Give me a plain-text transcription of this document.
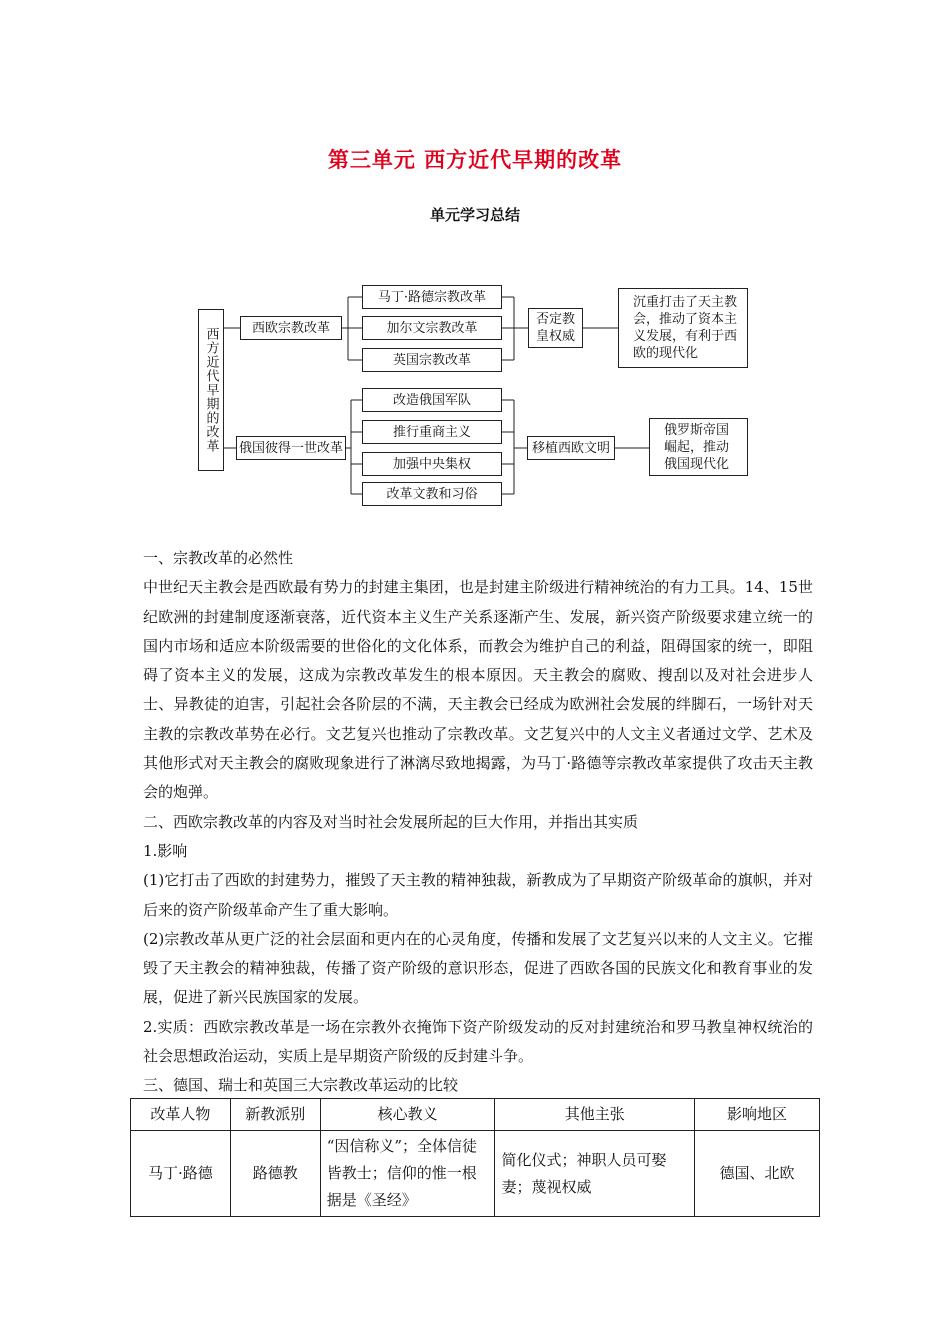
第三单元 西方近代早期的改革
单元学习总结
西方近代早期的改革	西欧宗教改革
马丁·路德宗教改革
加尔文宗教改革
英国宗教改革
否定教皇权威
沉重打击了天主教会，推动了资本主义发展，有利于西欧的现代化
俄国彼得一世改革
改造俄国军队
推行重商主义
加强中央集权
改革文教和习俗
移植西欧文明
俄罗斯帝国崛起，推动俄国现代化

一、宗教改革的必然性

中世纪天主教会是西欧最有势力的封建主集团，也是封建主阶级进行精神统治的有力工具。14、15世纪欧洲的封建制度逐渐衰落，近代资本主义生产关系逐渐产生、发展，新兴资产阶级要求建立统一的国内市场和适应本阶级需要的世俗化的文化体系，而教会为维护自己的利益，阻碍国家的统一，即阻碍了资本主义的发展，这成为宗教改革发生的根本原因。天主教会的腐败、搜刮以及对社会进步人士、异教徒的迫害，引起社会各阶层的不满，天主教会已经成为欧洲社会发展的绊脚石，一场针对天主教的宗教改革势在必行。文艺复兴也推动了宗教改革。文艺复兴中的人文主义者通过文学、艺术及其他形式对天主教会的腐败现象进行了淋漓尽致地揭露，为马丁·路德等宗教改革家提供了攻击天主教会的炮弹。

二、西欧宗教改革的内容及对当时社会发展所起的巨大作用，并指出其实质

1.影响

(1)它打击了西欧的封建势力，摧毁了天主教的精神独裁，新教成为了早期资产阶级革命的旗帜，并对后来的资产阶级革命产生了重大影响。

(2)宗教改革从更广泛的社会层面和更内在的心灵角度，传播和发展了文艺复兴以来的人文主义。它摧毁了天主教会的精神独裁，传播了资产阶级的意识形态，促进了西欧各国的民族文化和教育事业的发展，促进了新兴民族国家的发展。

2.实质：西欧宗教改革是一场在宗教外衣掩饰下资产阶级发动的反对封建统治和罗马教皇神权统治的社会思想政治运动，实质上是早期资产阶级的反封建斗争。

三、德国、瑞士和英国三大宗教改革运动的比较

改革人物	新教派别	核心教义	其他主张	影响地区
马丁·路德	路德教	“因信称义”；全体信徒皆教士；信仰的惟一根据是《圣经》	简化仪式；神职人员可娶妻；蔑视权威	德国、北欧
